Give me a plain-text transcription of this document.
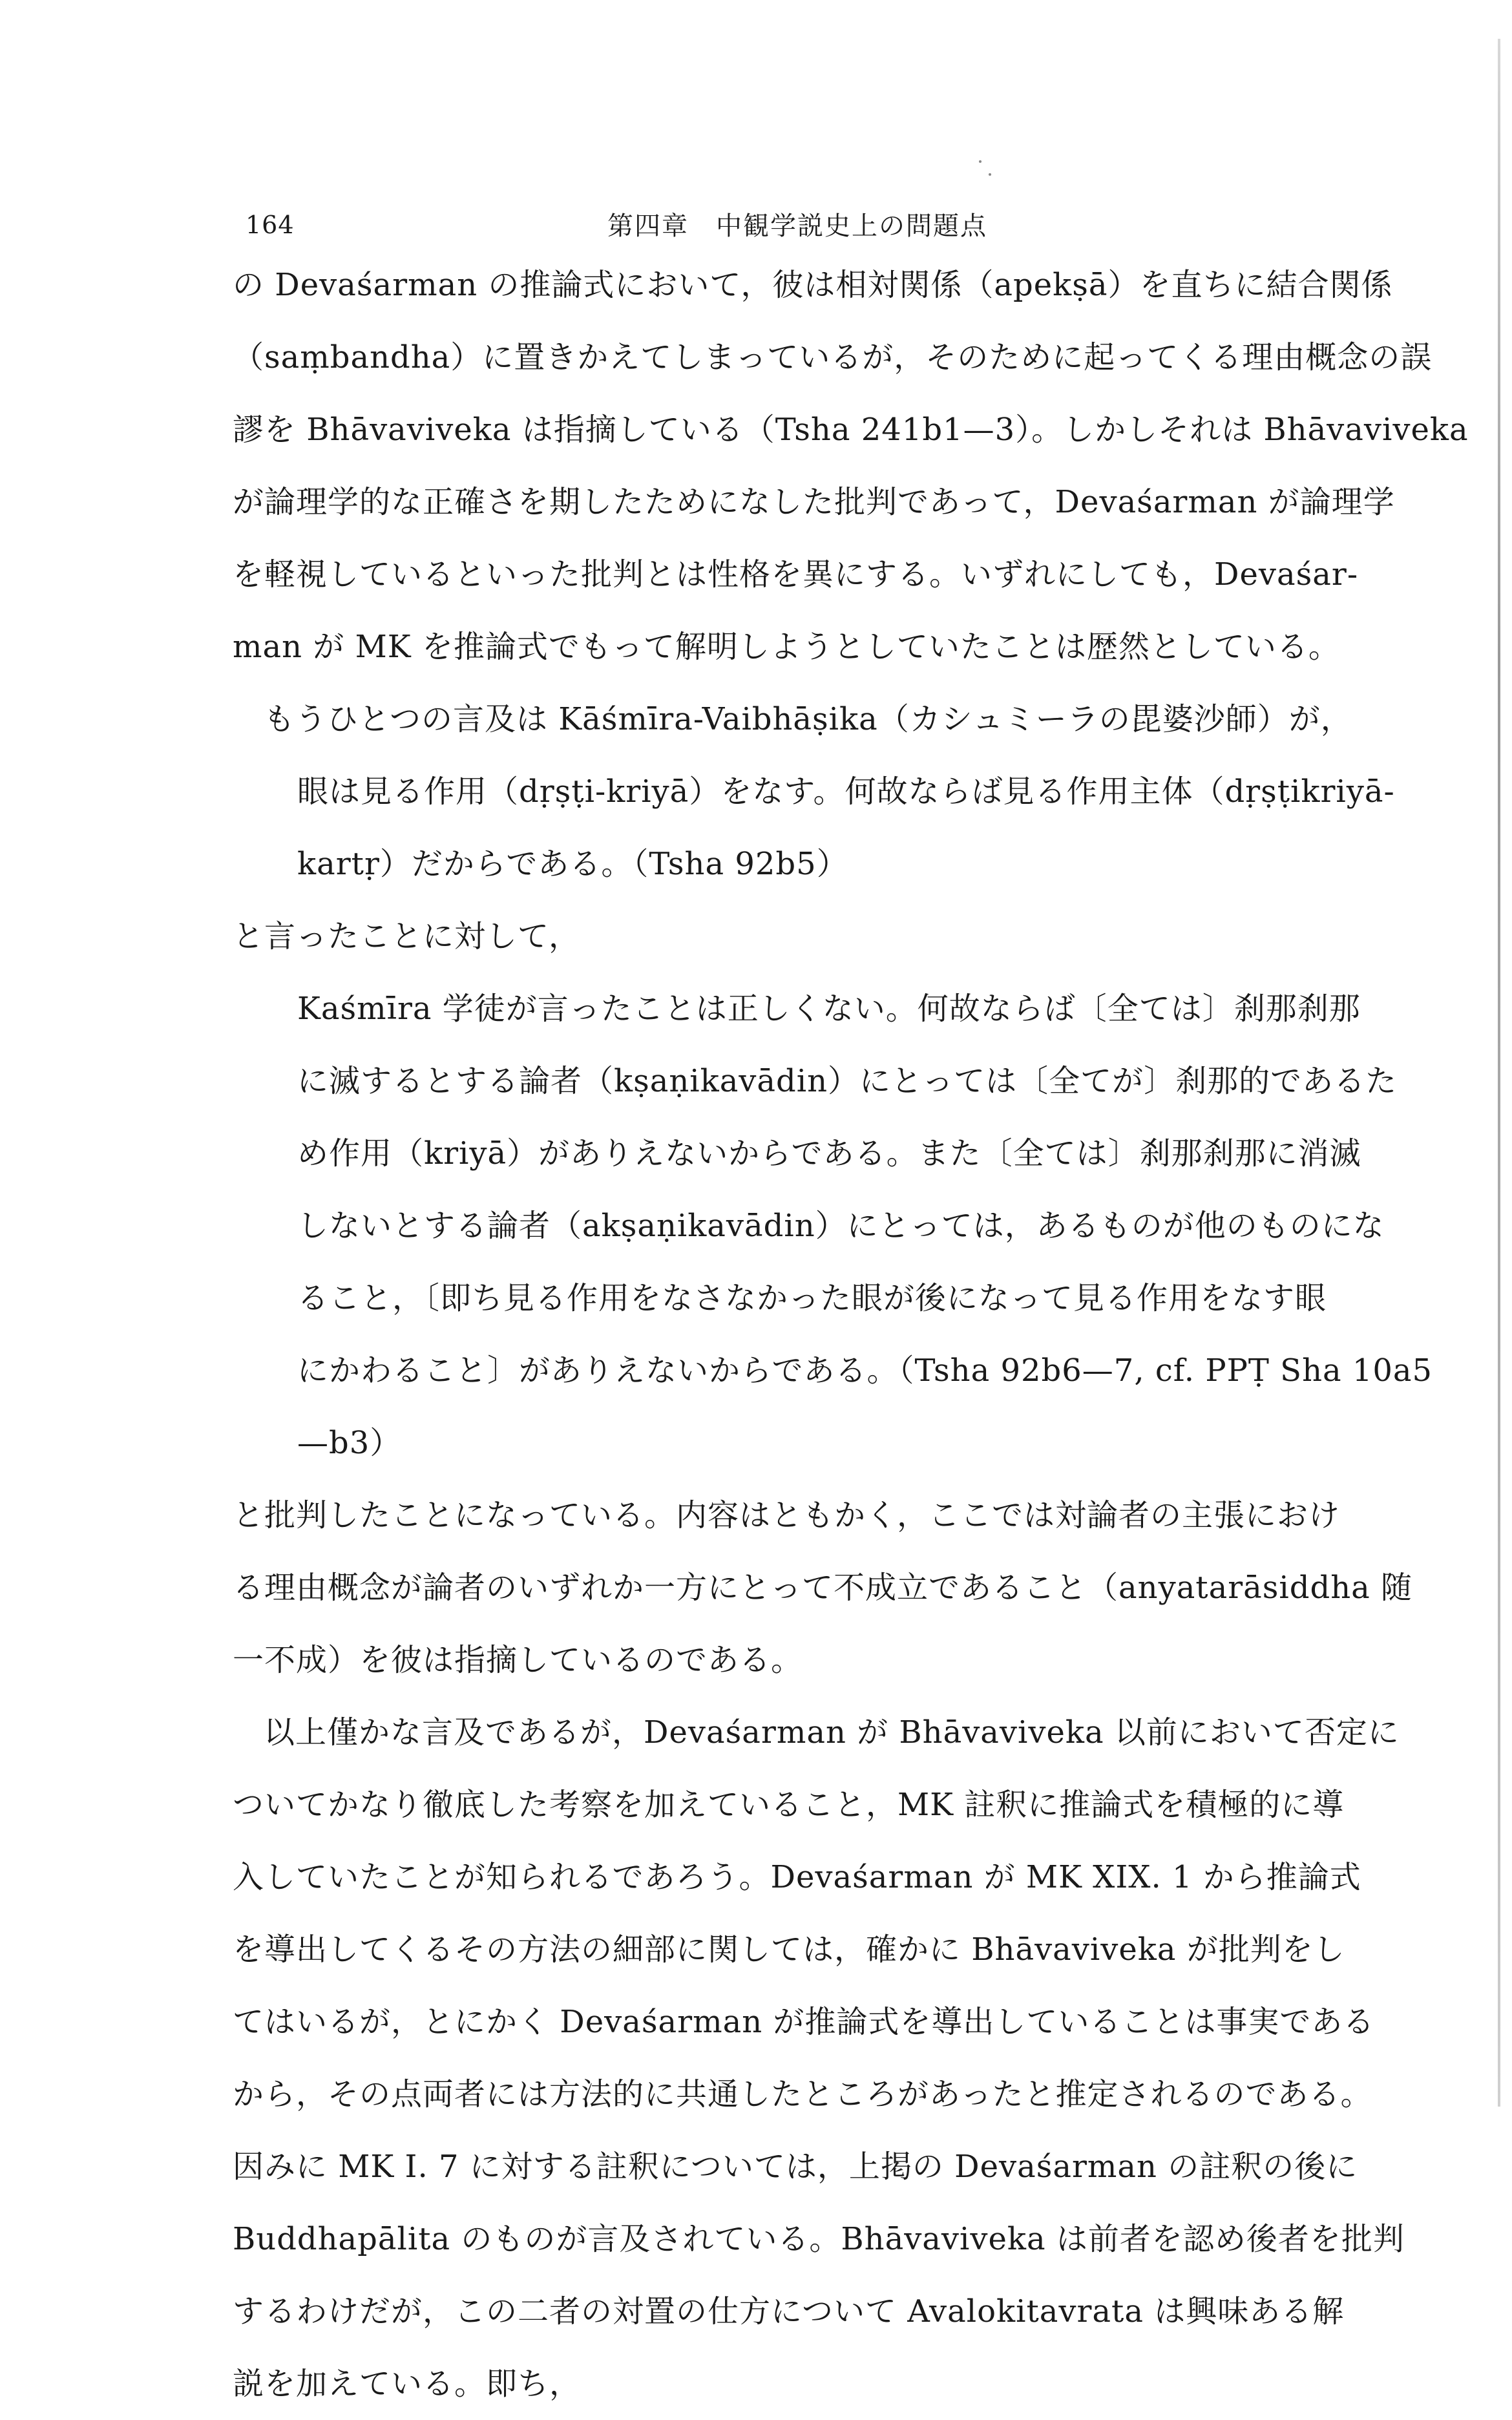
164	第四章　中観学説史上の問題点
の Devaśarman の推論式において，彼は相対関係（apekṣā）を直ちに結合関係
（saṃbandha）に置きかえてしまっているが，そのために起ってくる理由概念の誤
謬を Bhāvaviveka は指摘している（Tsha 241b1—3）。しかしそれは Bhāvaviveka
が論理学的な正確さを期したためになした批判であって，Devaśarman が論理学
を軽視しているといった批判とは性格を異にする。いずれにしても，Devaśar-
man が MK を推論式でもって解明しようとしていたことは歴然としている。
もうひとつの言及は Kāśmīra-Vaibhāṣika（カシュミーラの毘婆沙師）が，
眼は見る作用（dṛṣṭi-kriyā）をなす。何故ならば見る作用主体（dṛṣṭikriyā-
kartṛ）だからである。（Tsha 92b5）
と言ったことに対して，
Kaśmīra 学徒が言ったことは正しくない。何故ならば〔全ては〕刹那刹那
に滅するとする論者（kṣaṇikavādin）にとっては〔全てが〕刹那的であるた
め作用（kriyā）がありえないからである。また〔全ては〕刹那刹那に消滅
しないとする論者（akṣaṇikavādin）にとっては，あるものが他のものにな
ること，〔即ち見る作用をなさなかった眼が後になって見る作用をなす眼
にかわること〕がありえないからである。（Tsha 92b6—7, cf. PPṬ Sha 10a5
—b3）
と批判したことになっている。内容はともかく，ここでは対論者の主張におけ
る理由概念が論者のいずれか一方にとって不成立であること（anyatarāsiddha 随
一不成）を彼は指摘しているのである。
以上僅かな言及であるが，Devaśarman が Bhāvaviveka 以前において否定に
ついてかなり徹底した考察を加えていること，MK 註釈に推論式を積極的に導
入していたことが知られるであろう。Devaśarman が MK XIX. 1 から推論式
を導出してくるその方法の細部に関しては，確かに Bhāvaviveka が批判をし
てはいるが，とにかく Devaśarman が推論式を導出していることは事実である
から，その点両者には方法的に共通したところがあったと推定されるのである。
因みに MK I. 7 に対する註釈については，上掲の Devaśarman の註釈の後に
Buddhapālita のものが言及されている。Bhāvaviveka は前者を認め後者を批判
するわけだが，この二者の対置の仕方について Avalokitavrata は興味ある解
説を加えている。即ち，
